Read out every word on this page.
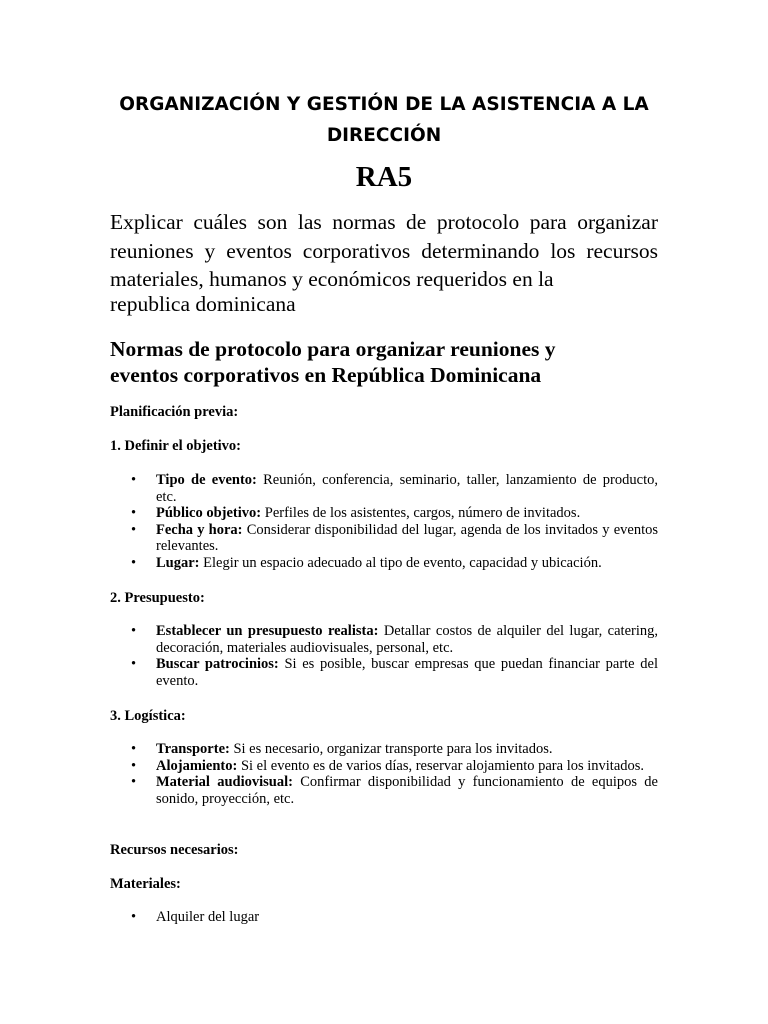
ORGANIZACIÓN Y GESTIÓN DE LA ASISTENCIA A LA DIRECCIÓN
RA5

Explicar cuáles son las normas de protocolo para organizar reuniones y eventos corporativos determinando los recursos materiales, humanos y económicos requeridos en la

republica dominicana

Normas de protocolo para organizar reuniones y
eventos corporativos en República Dominicana

Planificación previa:

1. Definir el objetivo:

• Tipo de evento: Reunión, conferencia, seminario, taller, lanzamiento de producto, etc.
• Público objetivo: Perfiles de los asistentes, cargos, número de invitados.
• Fecha y hora: Considerar disponibilidad del lugar, agenda de los invitados y eventos relevantes.
• Lugar: Elegir un espacio adecuado al tipo de evento, capacidad y ubicación.

2. Presupuesto:

• Establecer un presupuesto realista: Detallar costos de alquiler del lugar, catering, decoración, materiales audiovisuales, personal, etc.
• Buscar patrocinios: Si es posible, buscar empresas que puedan financiar parte del evento.

3. Logística:

• Transporte: Si es necesario, organizar transporte para los invitados.
• Alojamiento: Si el evento es de varios días, reservar alojamiento para los invitados.
• Material audiovisual: Confirmar disponibilidad y funcionamiento de equipos de sonido, proyección, etc.

Recursos necesarios:

Materiales:

• Alquiler del lugar
